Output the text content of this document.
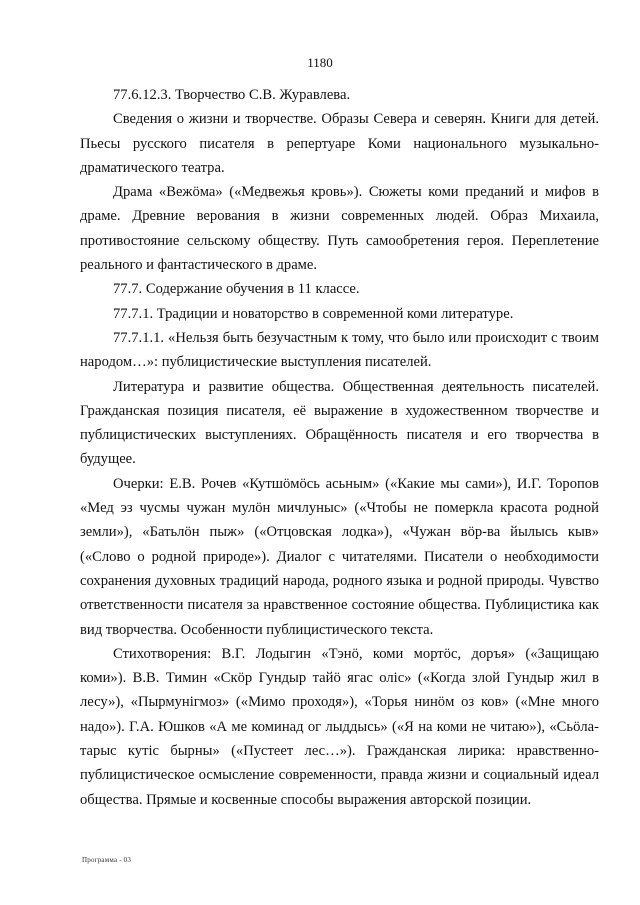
1180

77.6.12.3. Творчество С.В. Журавлева.

Сведения о жизни и творчестве. Образы Севера и северян. Книги для детей. Пьесы русского писателя в репертуаре Коми национального музыкально-драматического театра.

Драма «Вежöма» («Медвежья кровь»). Сюжеты коми преданий и мифов в драме. Древние верования в жизни современных людей. Образ Михаила, противостояние сельскому обществу. Путь самообретения героя. Переплетение реального и фантастического в драме.

77.7. Содержание обучения в 11 классе.

77.7.1. Традиции и новаторство в современной коми литературе.

77.7.1.1. «Нельзя быть безучастным к тому, что было или происходит с твоим народом…»: публицистические выступления писателей.

Литература и развитие общества. Общественная деятельность писателей. Гражданская позиция писателя, её выражение в художественном творчестве и публицистических выступлениях. Обращённость писателя и его творчества в будущее.

Очерки: Е.В. Рочев «Кутшöмöсь асьным» («Какие мы сами»), И.Г. Торопов «Мед эз чусмы чужан мулöн мичлуныс» («Чтобы не померкла красота родной земли»), «Батьлöн пыж» («Отцовская лодка»), «Чужан вöр-ва йылысь кыв» («Слово о родной природе»). Диалог с читателями. Писатели о необходимости сохранения духовных традиций народа, родного языка и родной природы. Чувство ответственности писателя за нравственное состояние общества. Публицистика как вид творчества. Особенности публицистического текста.

Стихотворения: В.Г. Лодыгин «Тэнö, коми мортöс, доръя» («Защищаю коми»). В.В. Тимин «Скöр Гундыр тайö ягас олiс» («Когда злой Гундыр жил в лесу»), «Пырмунiгмоз» («Мимо проходя»), «Торья нинöм оз ков» («Мне много надо»). Г.А. Юшков «А ме коминад ог лыддысь» («Я на коми не читаю»), «Сьöла-тарыс кутiс бырны» («Пустеет лес…»). Гражданская лирика: нравственно-публицистическое осмысление современности, правда жизни и социальный идеал общества. Прямые и косвенные способы выражения авторской позиции.

Программа - 03
